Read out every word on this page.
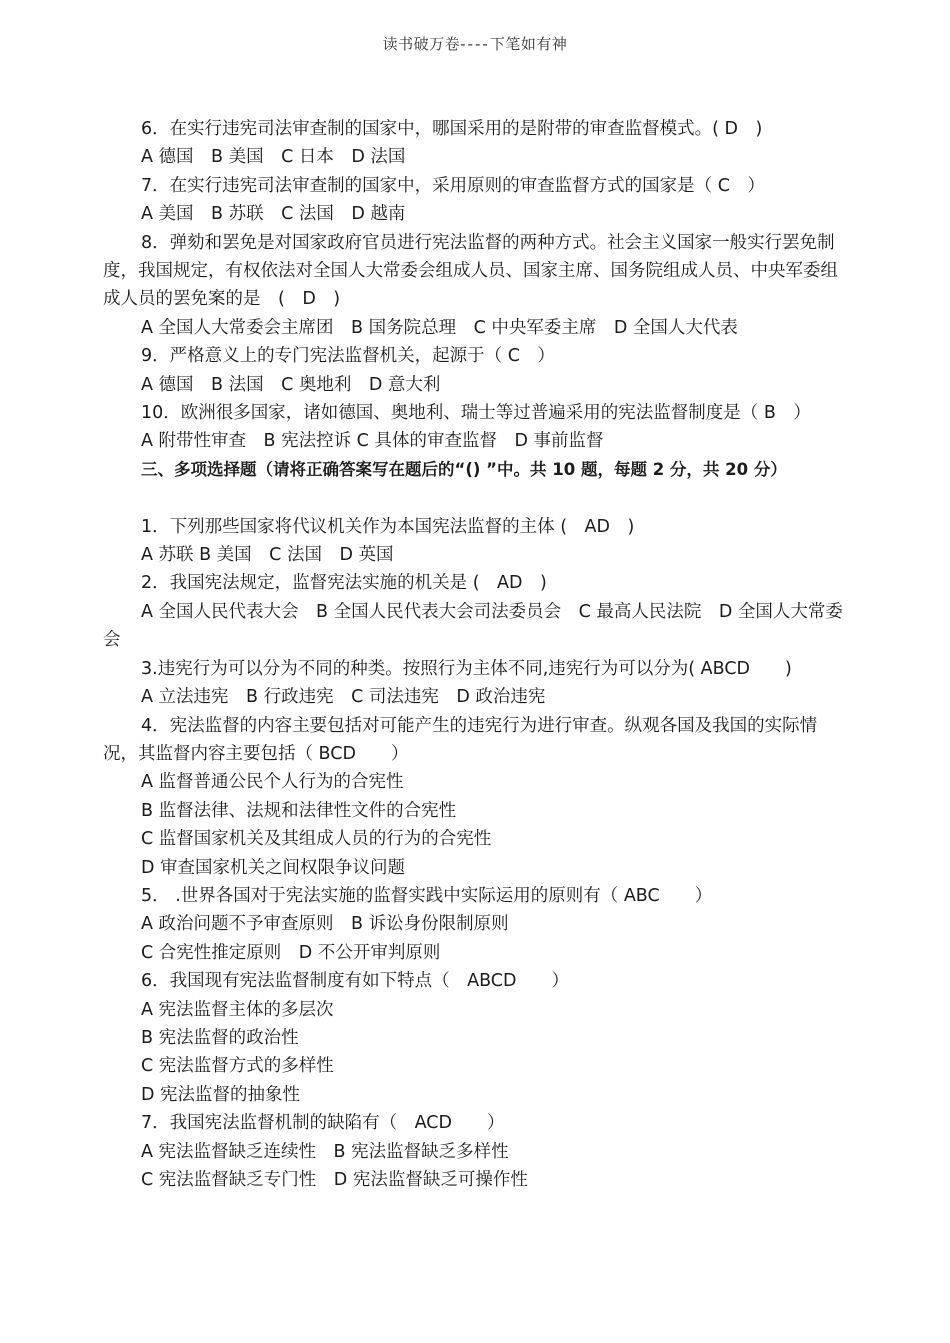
读书破万卷----下笔如有神
6．在实行违宪司法审查制的国家中，哪国采用的是附带的审查监督模式。( D　)
A 德国　B 美国　C 日本　D 法国
7．在实行违宪司法审查制的国家中，采用原则的审查监督方式的国家是（ C　）
A 美国　B 苏联　C 法国　D 越南
8．弹劾和罢免是对国家政府官员进行宪法监督的两种方式。社会主义国家一般实行罢免制度，我国规定，有权依法对全国人大常委会组成人员、国家主席、国务院组成人员、中央军委组成人员的罢免案的是　(　D　)
A 全国人大常委会主席团　B 国务院总理　C 中央军委主席　D 全国人大代表
9．严格意义上的专门宪法监督机关，起源于（ C　）
A 德国　B 法国　C 奥地利　D 意大利
10．欧洲很多国家，诸如德国、奥地利、瑞士等过普遍采用的宪法监督制度是（ B　）
A 附带性审查　B 宪法控诉 C 具体的审查监督　D 事前监督
三、多项选择题（请将正确答案写在题后的“() ”中。共 10 题，每题 2 分，共 20 分）
1．下列那些国家将代议机关作为本国宪法监督的主体 (　AD　)
A 苏联 B 美国　C 法国　D 英国
2．我国宪法规定，监督宪法实施的机关是 (　AD　)
A 全国人民代表大会　B 全国人民代表大会司法委员会　C 最高人民法院　D 全国人大常委会
3.违宪行为可以分为不同的种类。按照行为主体不同,违宪行为可以分为( ABCD　　)
A 立法违宪　B 行政违宪　C 司法违宪　D 政治违宪
4．宪法监督的内容主要包括对可能产生的违宪行为进行审查。纵观各国及我国的实际情况，其监督内容主要包括（ BCD　　）
A 监督普通公民个人行为的合宪性
B 监督法律、法规和法律性文件的合宪性
C 监督国家机关及其组成人员的行为的合宪性
D 审查国家机关之间权限争议问题
5． .世界各国对于宪法实施的监督实践中实际运用的原则有（ ABC　　）
A 政治问题不予审查原则　B 诉讼身份限制原则
C 合宪性推定原则　D 不公开审判原则
6．我国现有宪法监督制度有如下特点（　ABCD　　）
A 宪法监督主体的多层次
B 宪法监督的政治性
C 宪法监督方式的多样性
D 宪法监督的抽象性
7．我国宪法监督机制的缺陷有（　ACD　　）
A 宪法监督缺乏连续性　B 宪法监督缺乏多样性
C 宪法监督缺乏专门性　D 宪法监督缺乏可操作性
